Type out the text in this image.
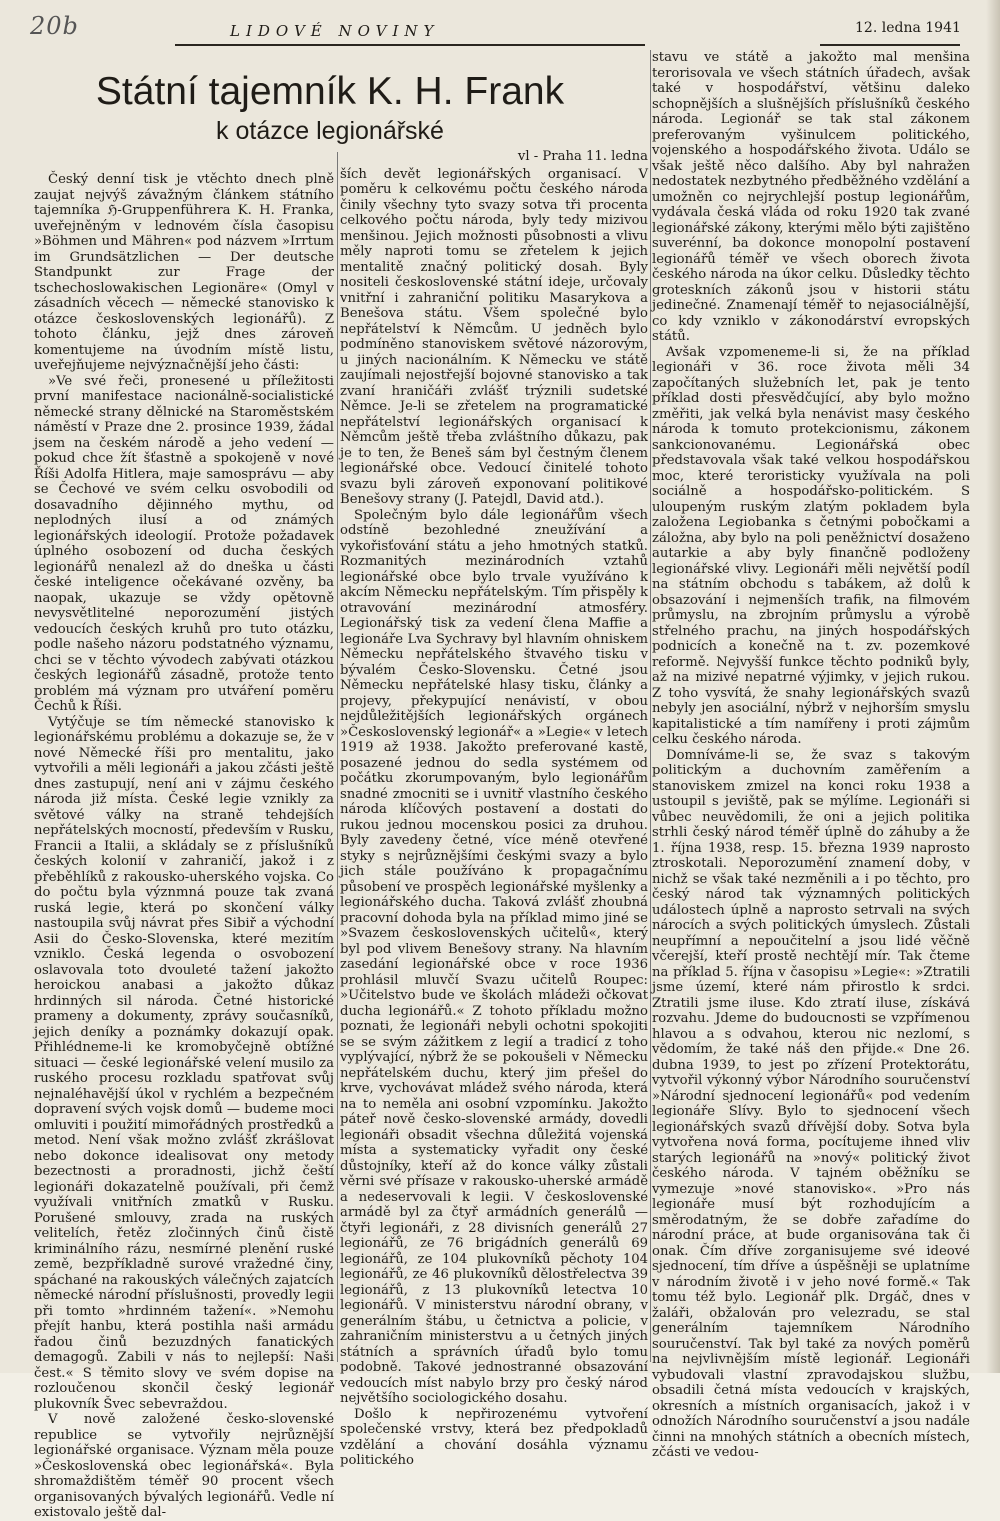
20b	LIDOVÉ NOVINY	12. ledna 1941
Státní tajemník K. H. Frank
k otázce legionářské

Český denní tisk je vtěchto dnech plně zaujat nejvýš závažným článkem státního tajemníka ℌ-Gruppenführera K. H. Franka, uveřejněným v lednovém čísla časopisu »Böhmen und Mähren« pod názvem »Irrtum im Grundsätzlichen — Der deutsche Standpunkt zur Frage der tschechoslowakischen Legionäre« (Omyl v zásadních věcech — německé stanovisko k otázce československých legionářů). Z tohoto článku, jejž dnes zároveň komentujeme na úvodním místě listu, uveřejňujeme nejvýznačnější jeho části:

»Ve své řeči, pronesené u příležitosti první manifestace nacionálně-socialistické německé strany dělnické na Staroměstském náměstí v Praze dne 2. prosince 1939, žádal jsem na českém národě a jeho vedení — pokud chce žít šťastně a spokojeně v nové Říši Adolfa Hitlera, maje samosprávu — aby se Čechové ve svém celku osvobodili od dosavadního dějinného mythu, od neplodných ilusí a od známých legionářských ideologií. Protože požadavek úplného osobození od ducha českých legionářů nenalezl až do dneška u části české inteligence očekávané ozvěny, ba naopak, ukazuje se vždy opětovně nevysvětlitelné neporozumění jistých vedoucích českých kruhů pro tuto otázku, podle našeho názoru podstatného významu, chci se v těchto vývodech zabývati otázkou českých legionářů zásadně, protože tento problém má význam pro utváření poměru Čechů k Říši.

Vytýčuje se tím německé stanovisko k legionářskému problému a dokazuje se, že v nové Německé říši pro mentalitu, jako vytvořili a měli legionáři a jakou zčásti ještě dnes zastupují, není ani v zájmu českého národa již místa. České legie vznikly za světové války na straně tehdejších nepřátelských mocností, především v Rusku, Francii a Italii, a skládaly se z příslušníků českých kolonií v zahraničí, jakož i z přeběhlíků z rakousko-uherského vojska. Co do počtu byla význmná pouze tak zvaná ruská legie, která po skončení války nastoupila svůj návrat přes Sibiř a východní Asii do Česko-Slovenska, které mezitím vzniklo. Česká legenda o osvobození oslavovala toto dvouleté tažení jakožto heroickou anabasi a jakožto důkaz hrdinných sil národa. Četné historické prameny a dokumenty, zprávy současníků, jejich deníky a poznámky dokazují opak. Přihlédneme-li ke kromobyčejně obtížné situaci — české legionářské velení musilo za ruského procesu rozkladu spatřovat svůj nejnaléhavější úkol v rychlém a bezpečném dopravení svých vojsk domů — budeme moci omluviti i použití mimořádných prostředků a metod. Není však možno zvlášť zkrášlovat nebo dokonce idealisovat ony metody bezectnosti a proradnosti, jichž čeští legionáři dokazatelně používali, při čemž využívali vnitřních zmatků v Rusku. Porušené smlouvy, zrada na ruských velitelích, řetěz zločinných činů čistě kriminálního rázu, nesmírné plenění ruské země, bezpříkladně surové vražedné činy, spáchané na rakouských válečných zajatcích německé národní příslušnosti, provedly legii při tomto »hrdinném tažení«. »Nemohu přejít hanbu, která postihla naši armádu řadou činů bezuzdných fanatických demagogů. Zabili v nás to nejlepší: Naši čest.« S těmito slovy ve svém dopise na rozloučenou skončil český legionář plukovník Švec sebevraždou.

V nově založené česko-slovenské republice se vytvořily nejrůznější legionářské organisace. Význam měla pouze »Československá obec legionářská«. Byla shromaždištěm téměř 90 procent všech organisovaných bývalých legionářů. Vedle ní existovalo ještě dal-

vl - Praha 11. ledna

ších devět legionářských organisací. V poměru k celkovému počtu českého národa činily všechny tyto svazy sotva tři procenta celkového počtu národa, byly tedy mizivou menšinou. Jejich možnosti působnosti a vlivu měly naproti tomu se zřetelem k jejich mentalitě značný politický dosah. Byly nositeli československé státní ideje, určovaly vnitřní i zahraniční politiku Masarykova a Benešova státu. Všem společné bylo nepřátelství k Němcům. U jedněch bylo podmíněno stanoviskem světové názorovým, u jiných nacionálním. K Německu ve státě zaujímali nejostřejší bojovné stanovisko a tak zvaní hraničáři zvlášť trýznili sudetské Němce. Je-li se zřetelem na programatické nepřátelství legionářských organisací k Němcům ještě třeba zvláštního důkazu, pak je to ten, že Beneš sám byl čestným členem legionářské obce. Vedoucí činitelé tohoto svazu byli zároveň exponovaní politikové Benešovy strany (J. Patejdl, David atd.).

Společným bylo dále legionářům všech odstíně bezohledné zneužívání a vykořisťování státu a jeho hmotných statků. Rozmanitých mezinárodních vztahů legionářské obce bylo trvale využíváno k akcím Německu nepřátelským. Tím přispěly k otravování mezinárodní atmosféry. Legionářský tisk za vedení člena Maffie a legionáře Lva Sychravy byl hlavním ohniskem Německu nepřátelského štvavého tisku v bývalém Česko-Slovensku. Četné jsou Německu nepřátelské hlasy tisku, články a projevy, překypující nenávistí, v obou nejdůležitějších legionářských orgánech »Československý legionář« a »Legie« v letech 1919 až 1938. Jakožto preferované kastě, posazené jednou do sedla systémem od počátku zkorumpovaným, bylo legionářům snadné zmocniti se i uvnitř vlastního českého národa klíčových postavení a dostati do rukou jednou mocenskou posici za druhou. Byly zavedeny četné, více méně otevřené styky s nejrůznějšími českými svazy a bylo jich stále používáno k propagačnímu působení ve prospěch legionářské myšlenky a legionářského ducha. Taková zvlášť zhoubná pracovní dohoda byla na příklad mimo jiné se »Svazem československých učitelů«, který byl pod vlivem Benešovy strany. Na hlavním zasedání legionářské obce v roce 1936 prohlásil mluvčí Svazu učitelů Roupec: »Učitelstvo bude ve školách mládeži očkovat ducha legionářů.« Z tohoto příkladu možno poznati, že legionáři nebyli ochotni spokojiti se se svým zážitkem z legií a tradicí z toho vyplývající, nýbrž že se pokoušeli v Německu nepřátelském duchu, který jim přešel do krve, vychovávat mládež svého národa, která na to neměla ani osobní vzpomínku. Jakožto páteř nově česko-slovenské armády, dovedli legionáři obsadit všechna důležitá vojenská místa a systematicky vyřadit ony české důstojníky, kteří až do konce války zůstali věrni své přísaze v rakousko-uherské armádě a nedeservovali k legii. V československé armádě byl za čtyř armádních generálů — čtyři legionáři, z 28 divisních generálů 27 legionářů, ze 76 brigádních generálů 69 legionářů, ze 104 plukovníků pěchoty 104 legionářů, ze 46 plukovníků dělostřelectva 39 legionářů, z 13 plukovníků letectva 10 legionářů. V ministerstvu národní obrany, v generálním štábu, u četnictva a policie, v zahraničním ministerstvu a u četných jiných státních a správních úřadů bylo tomu podobně. Takové jednostranné obsazování vedoucích míst nabylo brzy pro český národ největšího sociologického dosahu.

Došlo k nepřirozenému vytvoření společenské vrstvy, která bez předpokladů vzdělání a chování dosáhla významu politického

stavu ve státě a jakožto mal menšina terorisovala ve všech státních úřadech, avšak také v hospodářství, většinu daleko schopnějších a slušnějších příslušníků českého národa. Legionář se tak stal zákonem preferovaným vyšinulcem politického, vojenského a hospodářského života. Událo se však ještě něco dalšího. Aby byl nahražen nedostatek nezbytného předběžného vzdělání a umožněn co nejrychlejší postup legionářům, vydávala česká vláda od roku 1920 tak zvané legionářské zákony, kterými mělo býti zajištěno suverénní, ba dokonce monopolní postavení legionářů téměř ve všech oborech života českého národa na úkor celku. Důsledky těchto groteskních zákonů jsou v historii státu jedinečné. Znamenají téměř to nejasociálnější, co kdy vzniklo v zákonodárství evropských států.

Avšak vzpomeneme-li si, že na příklad legionáři v 36. roce života měli 34 započítaných služebních let, pak je tento příklad dosti přesvědčující, aby bylo možno změřiti, jak velká byla nenávist masy českého národa k tomuto protekcionismu, zákonem sankcionovanému. Legionářská obec představovala však také velkou hospodářskou moc, které teroristicky využívala na poli sociálně a hospodářsko-politickém. S uloupeným ruským zlatým pokladem byla založena Legiobanka s četnými pobočkami a záložna, aby bylo na poli peněžnictví dosaženo autarkie a aby byly finančně podloženy legionářské vlivy. Legionáři měli největší podíl na státním obchodu s tabákem, až dolů k obsazování i nejmenších trafik, na filmovém průmyslu, na zbrojním průmyslu a výrobě střelného prachu, na jiných hospodářských podnicích a konečně na t. zv. pozemkové reformě. Nejvyšší funkce těchto podniků byly, až na mizivé nepatrné výjimky, v jejich rukou. Z toho vysvítá, že snahy legionářských svazů nebyly jen asociální, nýbrž v nejhorším smyslu kapitalistické a tím namířeny i proti zájmům celku českého národa.

Domníváme-li se, že svaz s takovým politickým a duchovním zaměřením a stanoviskem zmizel na konci roku 1938 a ustoupil s jeviště, pak se mýlíme. Legionáři si vůbec neuvědomili, že oni a jejich politika strhli český národ téměř úplně do záhuby a že 1. října 1938, resp. 15. března 1939 naprosto ztroskotali. Neporozumění znamení doby, v nichž se však také nezměnili a i po těchto, pro český národ tak významných politických událostech úplně a naprosto setrvali na svých nárocích a svých politických úmyslech. Zůstali neupřímní a nepoučitelní a jsou lidé věčně včerejší, kteří prostě nechtějí mír. Tak čteme na příklad 5. října v časopisu »Legie«: »Ztratili jsme území, které nám přirostlo k srdci. Ztratili jsme iluse. Kdo ztratí iluse, získává rozvahu. Jdeme do budoucnosti se vzpřímenou hlavou a s odvahou, kterou nic nezlomí, s vědomím, že také náš den přijde.« Dne 26. dubna 1939, to jest po zřízení Protektorátu, vytvořil výkonný výbor Národního souručenství »Národní sjednocení legionářů« pod vedením legionáře Slívy. Bylo to sjednocení všech legionářských svazů dřívější doby. Sotva byla vytvořena nová forma, pocítujeme ihned vliv starých legionářů na »nový« politický život českého národa. V tajném oběžníku se vymezuje »nové stanovisko«. »Pro nás legionáře musí být rozhodujícím a směrodatným, že se dobře zařadíme do národní práce, at bude organisována tak či onak. Čím dříve zorganisujeme své ideové sjednocení, tím dříve a úspěšněji se uplatníme v národním životě i v jeho nové formě.« Tak tomu též bylo. Legionář plk. Drgáč, dnes v žaláři, obžalován pro velezradu, se stal generálním tajemníkem Národního souručenství. Tak byl také za nových poměrů na nejvlivnějším místě legionář. Legionáři vybudovali vlastní zpravodajskou službu, obsadili četná místa vedoucích v krajských, okresních a místních organisacích, jakož i v odnožích Národního souručenství a jsou nadále činni na mnohých státních a obecních místech, zčásti ve vedou-
